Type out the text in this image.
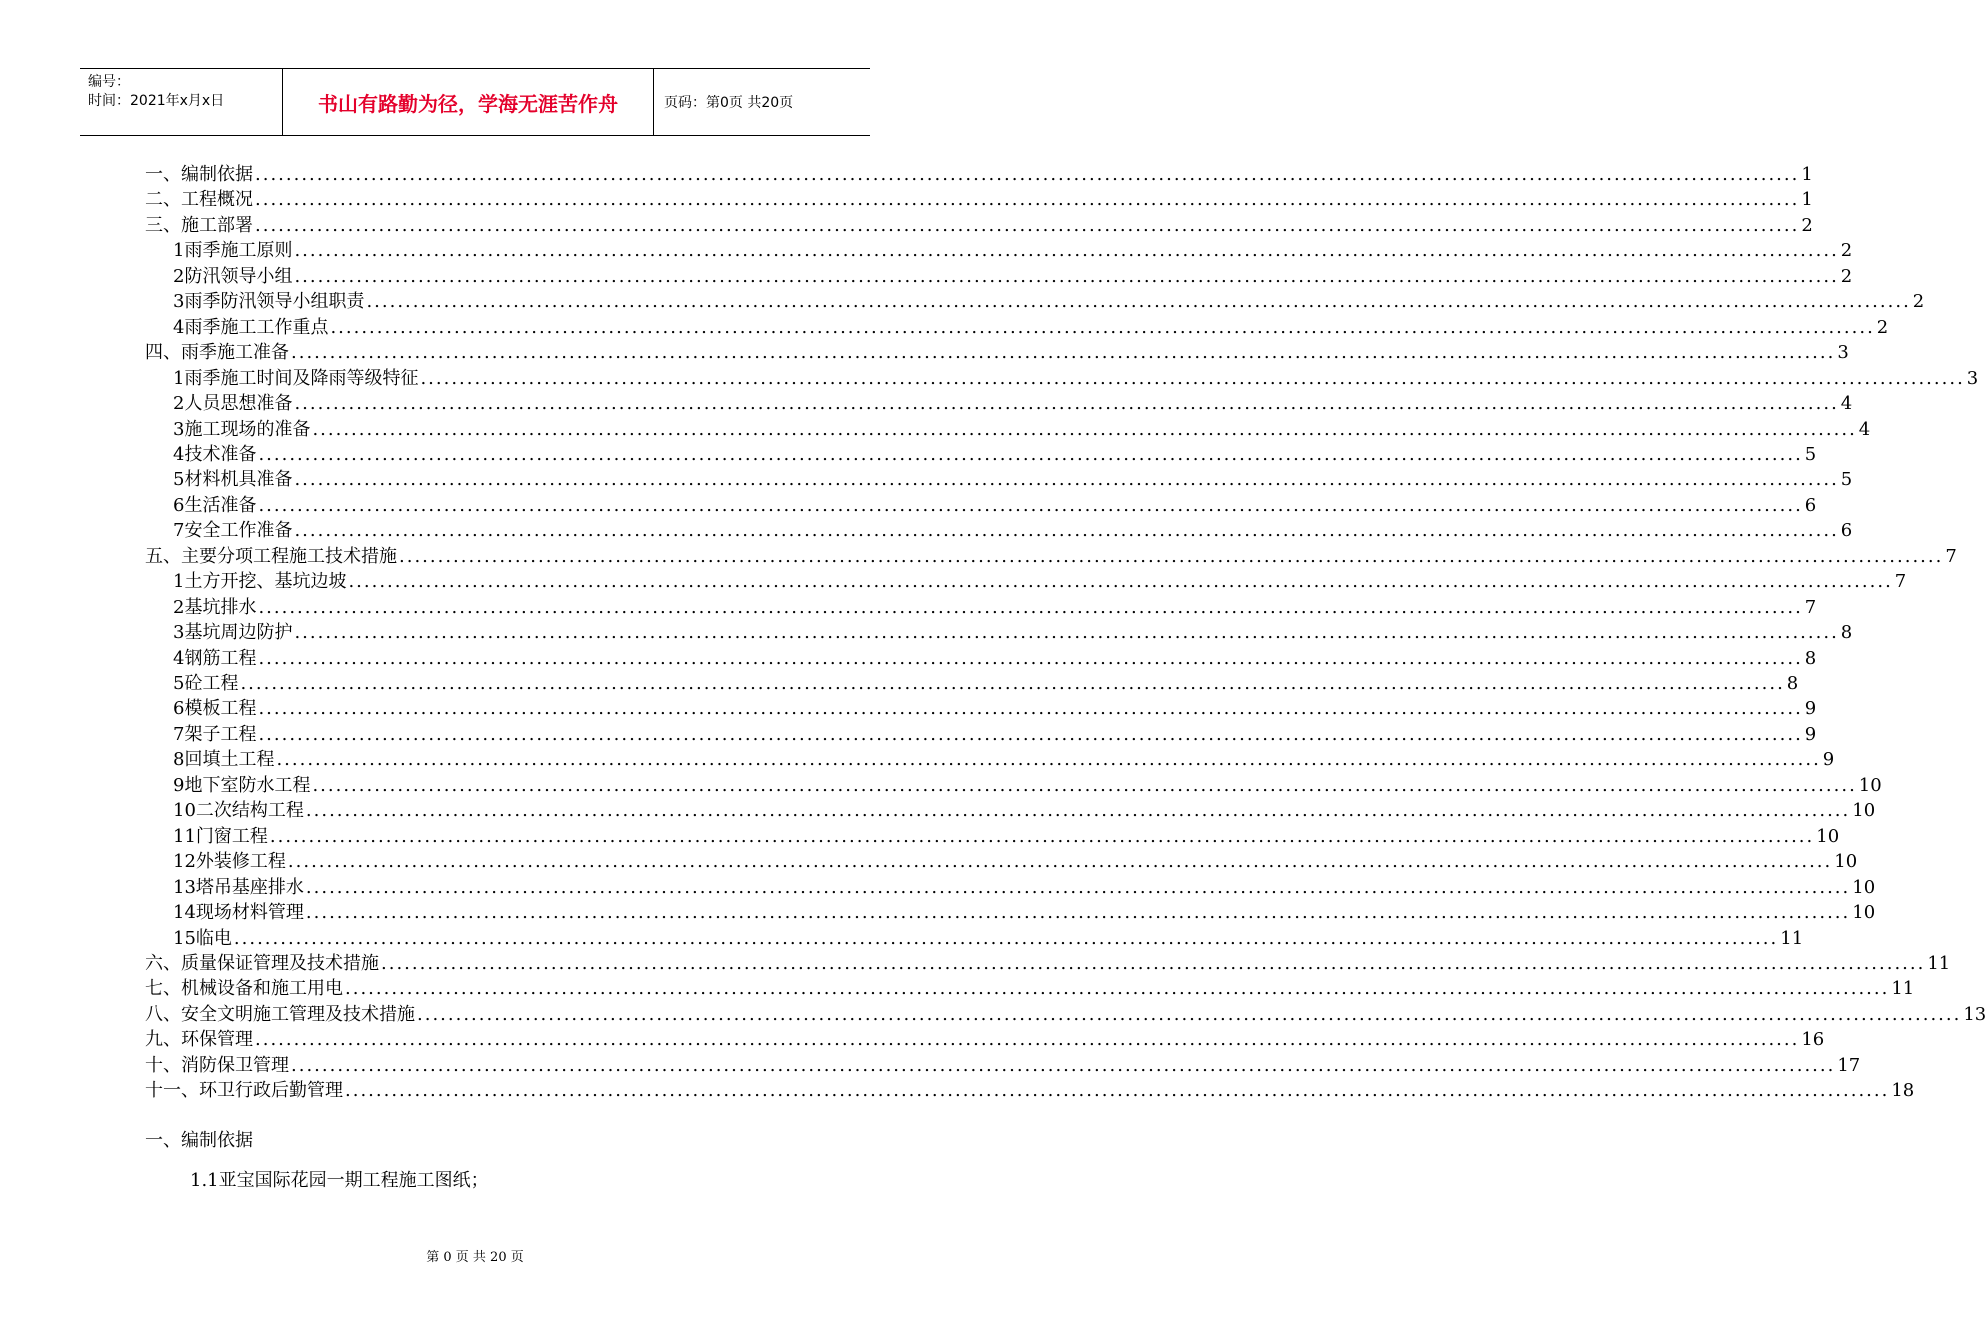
编号：
时间：2021年x月x日	书山有路勤为径，学海无涯苦作舟	页码：第0页 共20页
一、编制依据 ........................................................................................................................................................................................................ 1
二、工程概况 ........................................................................................................................................................................................................ 1
三、施工部署 ........................................................................................................................................................................................................ 2
1雨季施工原则 ........................................................................................................................................................................................................ 2
2防汛领导小组 ........................................................................................................................................................................................................ 2
3雨季防汛领导小组职责 ........................................................................................................................................................................................................ 2
4雨季施工工作重点 ........................................................................................................................................................................................................ 2
四、雨季施工准备 ........................................................................................................................................................................................................ 3
1雨季施工时间及降雨等级特征 ........................................................................................................................................................................................................ 3
2人员思想准备 ........................................................................................................................................................................................................ 4
3施工现场的准备 ........................................................................................................................................................................................................ 4
4技术准备 ........................................................................................................................................................................................................ 5
5材料机具准备 ........................................................................................................................................................................................................ 5
6生活准备 ........................................................................................................................................................................................................ 6
7安全工作准备 ........................................................................................................................................................................................................ 6
五、主要分项工程施工技术措施 ........................................................................................................................................................................................................ 7
1土方开挖、基坑边坡 ........................................................................................................................................................................................................ 7
2基坑排水 ........................................................................................................................................................................................................ 7
3基坑周边防护 ........................................................................................................................................................................................................ 8
4钢筋工程 ........................................................................................................................................................................................................ 8
5砼工程 ........................................................................................................................................................................................................ 8
6模板工程 ........................................................................................................................................................................................................ 9
7架子工程 ........................................................................................................................................................................................................ 9
8回填土工程 ........................................................................................................................................................................................................ 9
9地下室防水工程 ........................................................................................................................................................................................................ 10
10二次结构工程 ........................................................................................................................................................................................................ 10
11门窗工程 ........................................................................................................................................................................................................ 10
12外装修工程 ........................................................................................................................................................................................................ 10
13塔吊基座排水 ........................................................................................................................................................................................................ 10
14现场材料管理 ........................................................................................................................................................................................................ 10
15临电 ........................................................................................................................................................................................................ 11
六、质量保证管理及技术措施 ........................................................................................................................................................................................................ 11
七、机械设备和施工用电 ........................................................................................................................................................................................................ 11
八、安全文明施工管理及技术措施 ........................................................................................................................................................................................................ 13
九、环保管理 ........................................................................................................................................................................................................ 16
十、消防保卫管理 ........................................................................................................................................................................................................ 17
十一、环卫行政后勤管理 ........................................................................................................................................................................................................ 18
一、编制依据
1.1亚宝国际花园一期工程施工图纸；
第 0 页 共 20 页
